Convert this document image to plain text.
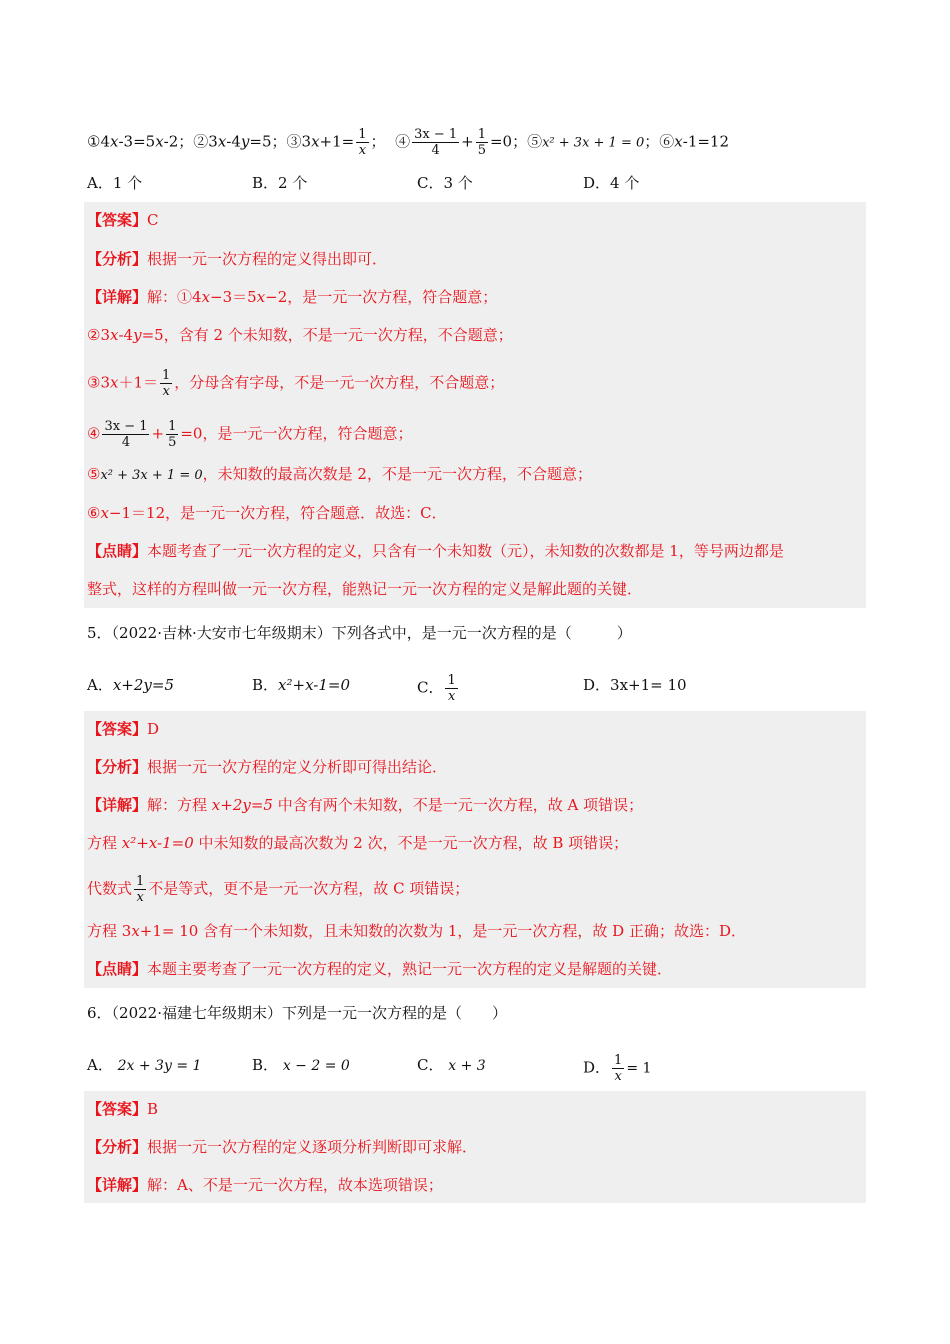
①4x-3=5x-2；②3x-4y=5；③3x+1= $\frac{1}{x}$ ； ④ $\frac{3x - 1}{4} + \frac{1}{5} =0$；⑤x² + 3x + 1 = 0；⑥x-1=12
A．1 个	B．2 个	C．3 个	D．4 个
【答案】C
【分析】根据一元一次方程的定义得出即可．
【详解】解：①4x−3＝5x−2，是一元一次方程，符合题意；
②3x-4y=5，含有 2 个未知数，不是一元一次方程，不合题意；
③3x＋1＝ $\frac{1}{x}$ ，分母含有字母，不是一元一次方程，不合题意；
④ $\frac{3x - 1}{4} + \frac{1}{5} =0$，是一元一次方程，符合题意；
⑤x² + 3x + 1 = 0，未知数的最高次数是 2，不是一元一次方程，不合题意；
⑥x−1＝12，是一元一次方程，符合题意．故选：C．
【点睛】本题考查了一元一次方程的定义，只含有一个未知数（元），未知数的次数都是 1，等号两边都是
整式，这样的方程叫做一元一次方程，能熟记一元一次方程的定义是解此题的关键．
5．（2022·吉林·大安市七年级期末）下列各式中，是一元一次方程的是（　　　）
A．x+2y=5	B．x²+x-1=0	C． $\frac{1}{x}$	D．3x+1= 10
【答案】D
【分析】根据一元一次方程的定义分析即可得出结论．
【详解】解：方程 x+2y=5 中含有两个未知数，不是一元一次方程，故 A 项错误；
方程 x²+x-1=0 中未知数的最高次数为 2 次，不是一元一次方程，故 B 项错误；
代数式 $\frac{1}{x}$ 不是等式，更不是一元一次方程，故 C 项错误；
方程 3x+1= 10 含有一个未知数，且未知数的次数为 1，是一元一次方程，故 D 正确；故选：D．
【点睛】本题主要考查了一元一次方程的定义，熟记一元一次方程的定义是解题的关键．
6．（2022·福建七年级期末）下列是一元一次方程的是（　　）
A． 2x + 3y = 1	B． x − 2 = 0	C． x + 3	D． $\frac{1}{x} = 1$
【答案】B
【分析】根据一元一次方程的定义逐项分析判断即可求解．
【详解】解：A、不是一元一次方程，故本选项错误；
